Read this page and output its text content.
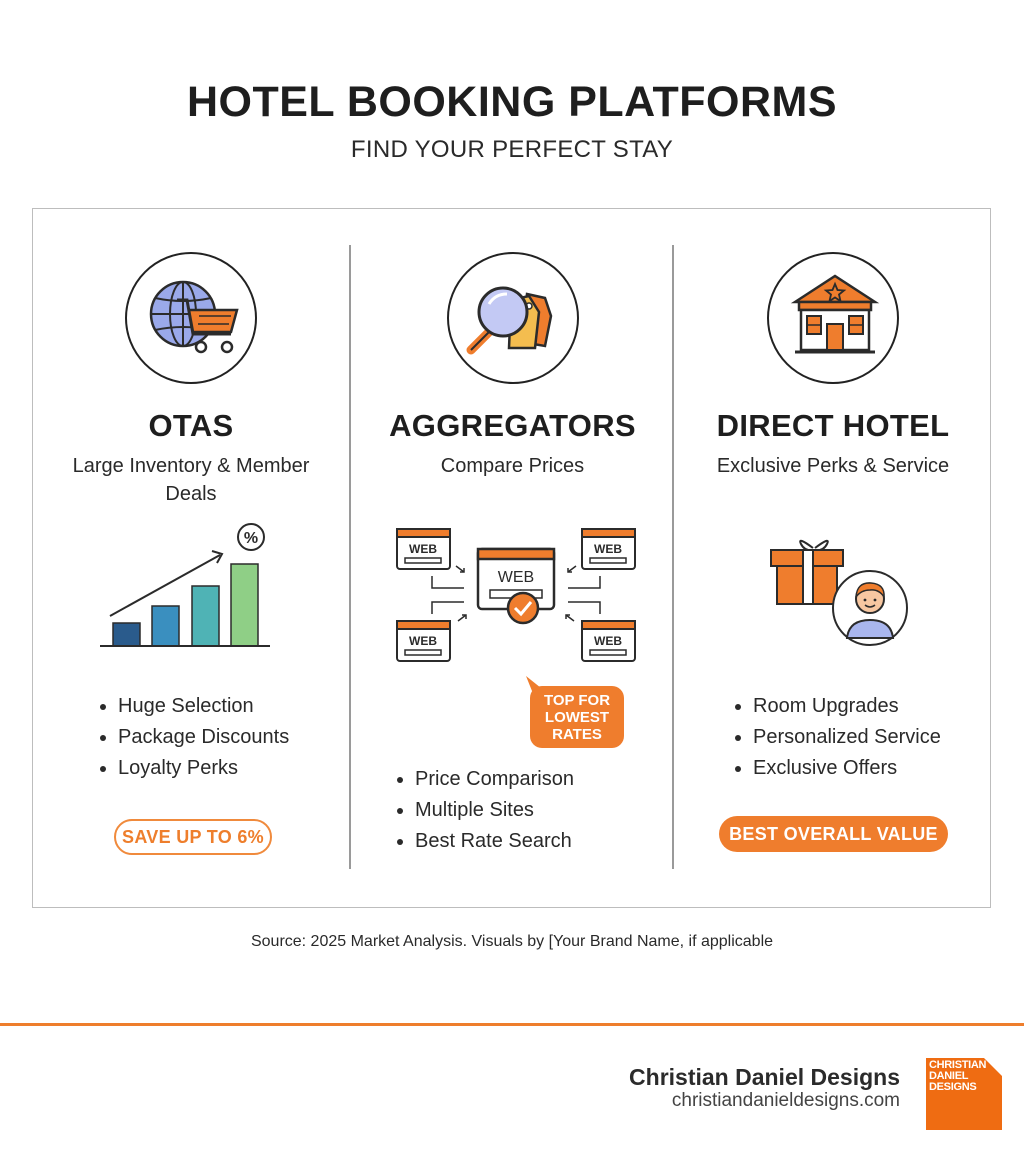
HOTEL BOOKING PLATFORMS
FIND YOUR PERFECT STAY
OTAS
Large Inventory & Member Deals
%
Huge Selection
Package Discounts
Loyalty Perks
SAVE UP TO 6%
AGGREGATORS
Compare Prices
WEB	WEB
WEB	WEB
WEB
TOP FOR LOWEST RATES
Price Comparison
Multiple Sites
Best Rate Search
DIRECT HOTEL
Exclusive Perks & Service
Room Upgrades
Personalized Service
Exclusive Offers
BEST OVERALL VALUE
Source: 2025 Market Analysis. Visuals by [Your Brand Name, if applicable
Christian Daniel Designs
christiandanieldesigns.com
CHRISTIAN DANIEL DESIGNS
